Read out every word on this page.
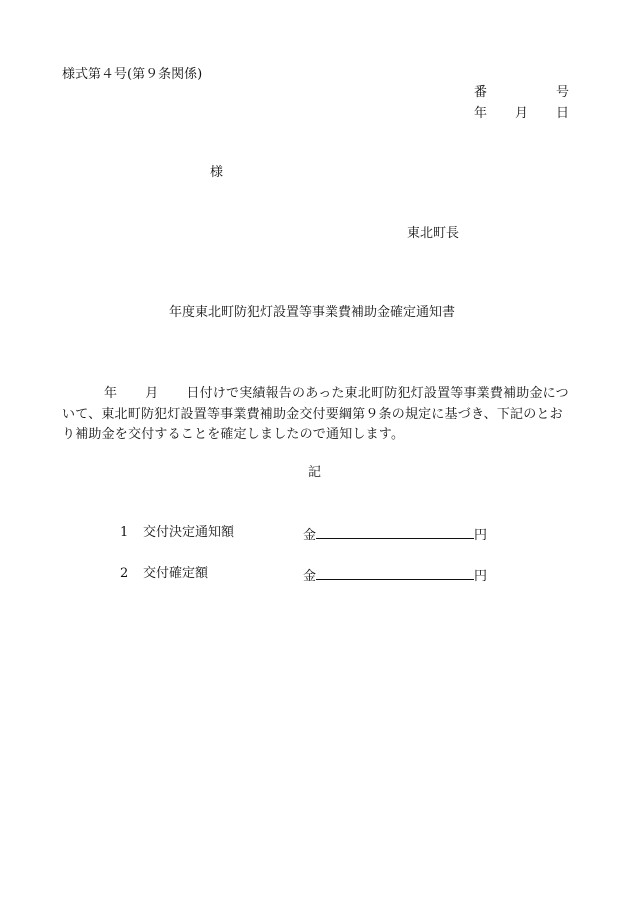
様式第４号(第９条関係)
番	号
年 月 日
様
東北町長
年度東北町防犯灯設置等事業費補助金確定通知書
年 月 日付けで実績報告のあった東北町防犯灯設置等事業費補助金について、東北町防犯灯設置等事業費補助金交付要綱第９条の規定に基づき、下記のとおり補助金を交付することを確定しましたので通知します。
記
1 交付決定通知額	金	円
2 交付確定額	金	円
